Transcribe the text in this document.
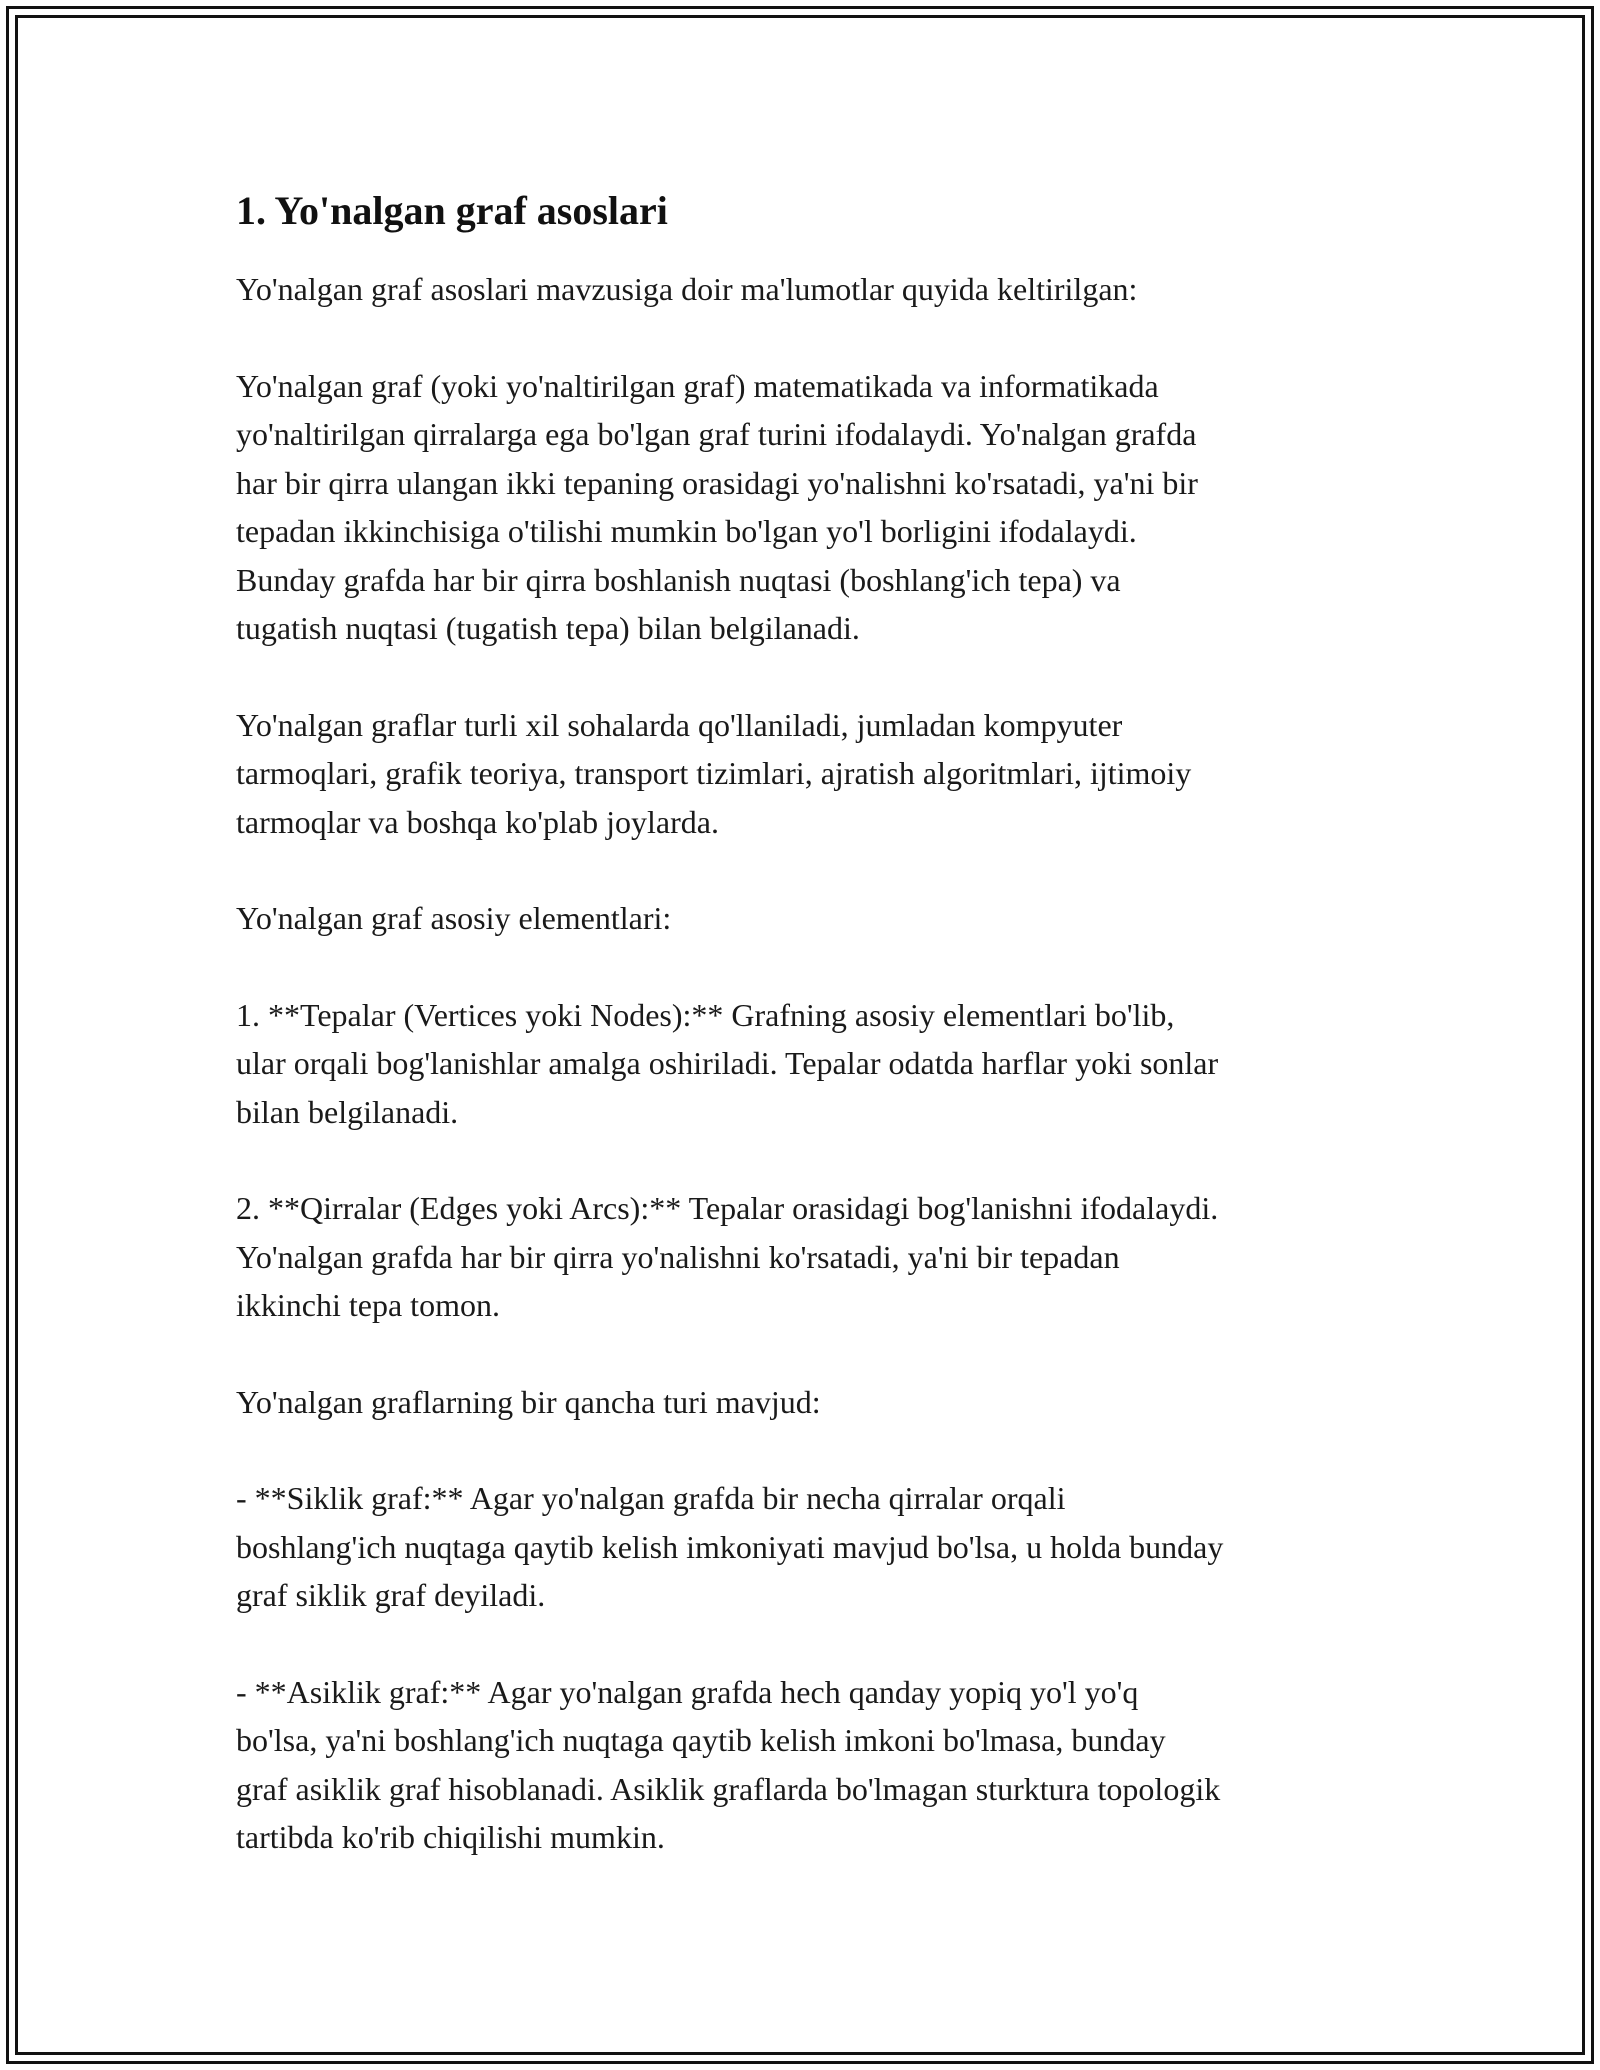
1. Yo'nalgan graf asoslari

Yo'nalgan graf asoslari mavzusiga doir ma'lumotlar quyida keltirilgan:

Yo'nalgan graf (yoki yo'naltirilgan graf) matematikada va informatikada
yo'naltirilgan qirralarga ega bo'lgan graf turini ifodalaydi. Yo'nalgan grafda
har bir qirra ulangan ikki tepaning orasidagi yo'nalishni ko'rsatadi, ya'ni bir
tepadan ikkinchisiga o'tilishi mumkin bo'lgan yo'l borligini ifodalaydi.
Bunday grafda har bir qirra boshlanish nuqtasi (boshlang'ich tepa) va
tugatish nuqtasi (tugatish tepa) bilan belgilanadi.

Yo'nalgan graflar turli xil sohalarda qo'llaniladi, jumladan kompyuter
tarmoqlari, grafik teoriya, transport tizimlari, ajratish algoritmlari, ijtimoiy
tarmoqlar va boshqa ko'plab joylarda.

Yo'nalgan graf asosiy elementlari:

1. **Tepalar (Vertices yoki Nodes):** Grafning asosiy elementlari bo'lib,
ular orqali bog'lanishlar amalga oshiriladi. Tepalar odatda harflar yoki sonlar
bilan belgilanadi.

2. **Qirralar (Edges yoki Arcs):** Tepalar orasidagi bog'lanishni ifodalaydi.
Yo'nalgan grafda har bir qirra yo'nalishni ko'rsatadi, ya'ni bir tepadan
ikkinchi tepa tomon.

Yo'nalgan graflarning bir qancha turi mavjud:

- **Siklik graf:** Agar yo'nalgan grafda bir necha qirralar orqali
boshlang'ich nuqtaga qaytib kelish imkoniyati mavjud bo'lsa, u holda bunday
graf siklik graf deyiladi.

- **Asiklik graf:** Agar yo'nalgan grafda hech qanday yopiq yo'l yo'q
bo'lsa, ya'ni boshlang'ich nuqtaga qaytib kelish imkoni bo'lmasa, bunday
graf asiklik graf hisoblanadi. Asiklik graflarda bo'lmagan sturktura topologik
tartibda ko'rib chiqilishi mumkin.
